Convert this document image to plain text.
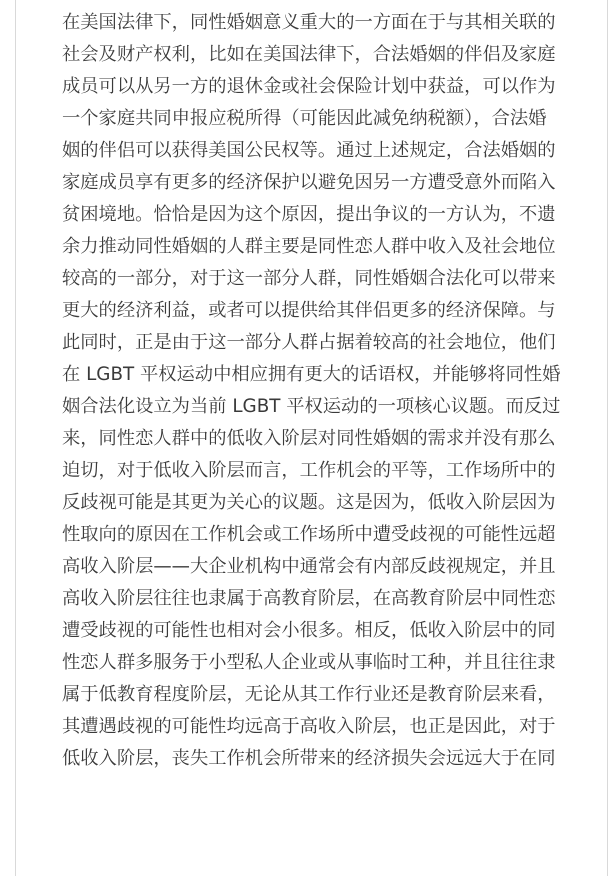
在美国法律下，同性婚姻意义重大的一方面在于与其相关联的
社会及财产权利，比如在美国法律下，合法婚姻的伴侣及家庭
成员可以从另一方的退休金或社会保险计划中获益，可以作为
一个家庭共同申报应税所得（可能因此减免纳税额），合法婚
姻的伴侣可以获得美国公民权等。通过上述规定，合法婚姻的
家庭成员享有更多的经济保护以避免因另一方遭受意外而陷入
贫困境地。恰恰是因为这个原因，提出争议的一方认为，不遗
余力推动同性婚姻的人群主要是同性恋人群中收入及社会地位
较高的一部分，对于这一部分人群，同性婚姻合法化可以带来
更大的经济利益，或者可以提供给其伴侣更多的经济保障。与
此同时，正是由于这一部分人群占据着较高的社会地位，他们
在 LGBT 平权运动中相应拥有更大的话语权，并能够将同性婚
姻合法化设立为当前 LGBT 平权运动的一项核心议题。而反过
来，同性恋人群中的低收入阶层对同性婚姻的需求并没有那么
迫切，对于低收入阶层而言，工作机会的平等，工作场所中的
反歧视可能是其更为关心的议题。这是因为，低收入阶层因为
性取向的原因在工作机会或工作场所中遭受歧视的可能性远超
高收入阶层——大企业机构中通常会有内部反歧视规定，并且
高收入阶层往往也隶属于高教育阶层，在高教育阶层中同性恋
遭受歧视的可能性也相对会小很多。相反，低收入阶层中的同
性恋人群多服务于小型私人企业或从事临时工种，并且往往隶
属于低教育程度阶层，无论从其工作行业还是教育阶层来看，
其遭遇歧视的可能性均远高于高收入阶层，也正是因此，对于
低收入阶层，丧失工作机会所带来的经济损失会远远大于在同
